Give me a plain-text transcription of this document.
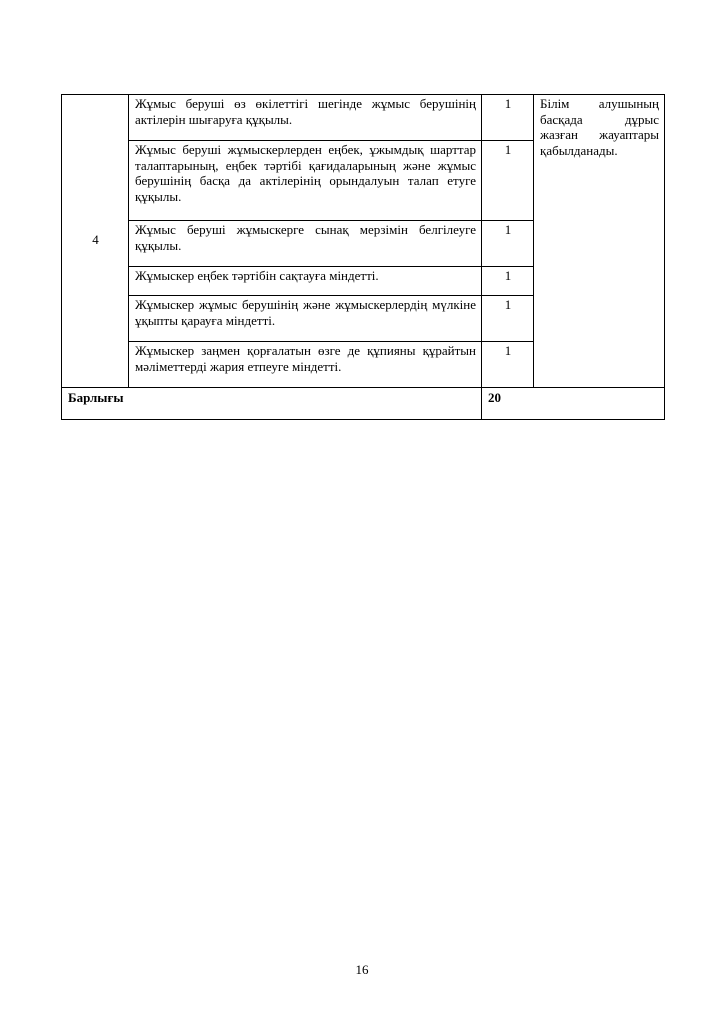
4	Жұмыс беруші өз өкілеттігі шегінде жұмыс берушінің актілерін шығаруға құқылы.	1	Білім алушының басқада дұрыс жазған жауаптары қабылданады.
	Жұмыс беруші жұмыскерлерден еңбек, ұжымдық шарттар талаптарының, еңбек тәртібі қағидаларының және жұмыс берушінің басқа да актілерінің орындалуын талап етуге құқылы.	1	
	Жұмыс беруші жұмыскерге сынақ мерзімін белгілеуге құқылы.	1	
	Жұмыскер еңбек тәртібін сақтауға міндетті.	1	
	Жұмыскер жұмыс берушінің және жұмыскерлердің мүлкіне ұқыпты қарауға міндетті.	1	
	Жұмыскер заңмен қорғалатын өзге де құпияны құрайтын мәліметтерді жария етпеуге міндетті.	1	
Барлығы		20	
16
